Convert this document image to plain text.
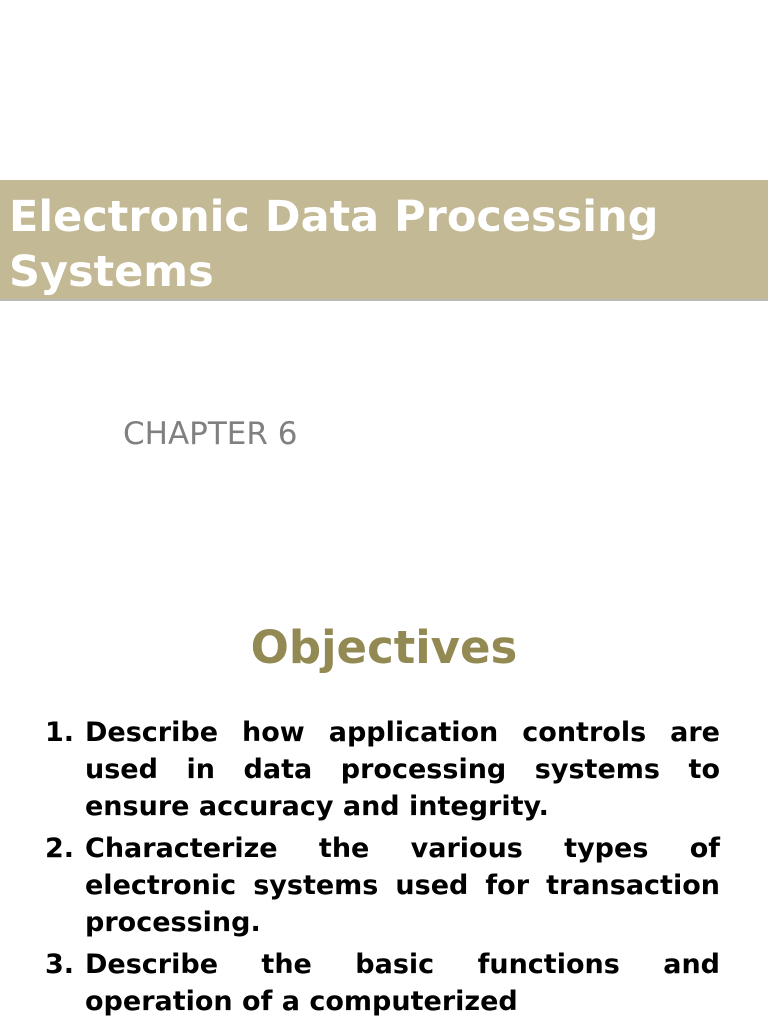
Electronic Data Processing Systems

CHAPTER 6

Objectives
1. Describe how application controls are used in data processing systems to ensure accuracy and integrity.
2. Characterize the various types of electronic systems used for transaction processing.
3. Describe the basic functions and operation of a computerized
